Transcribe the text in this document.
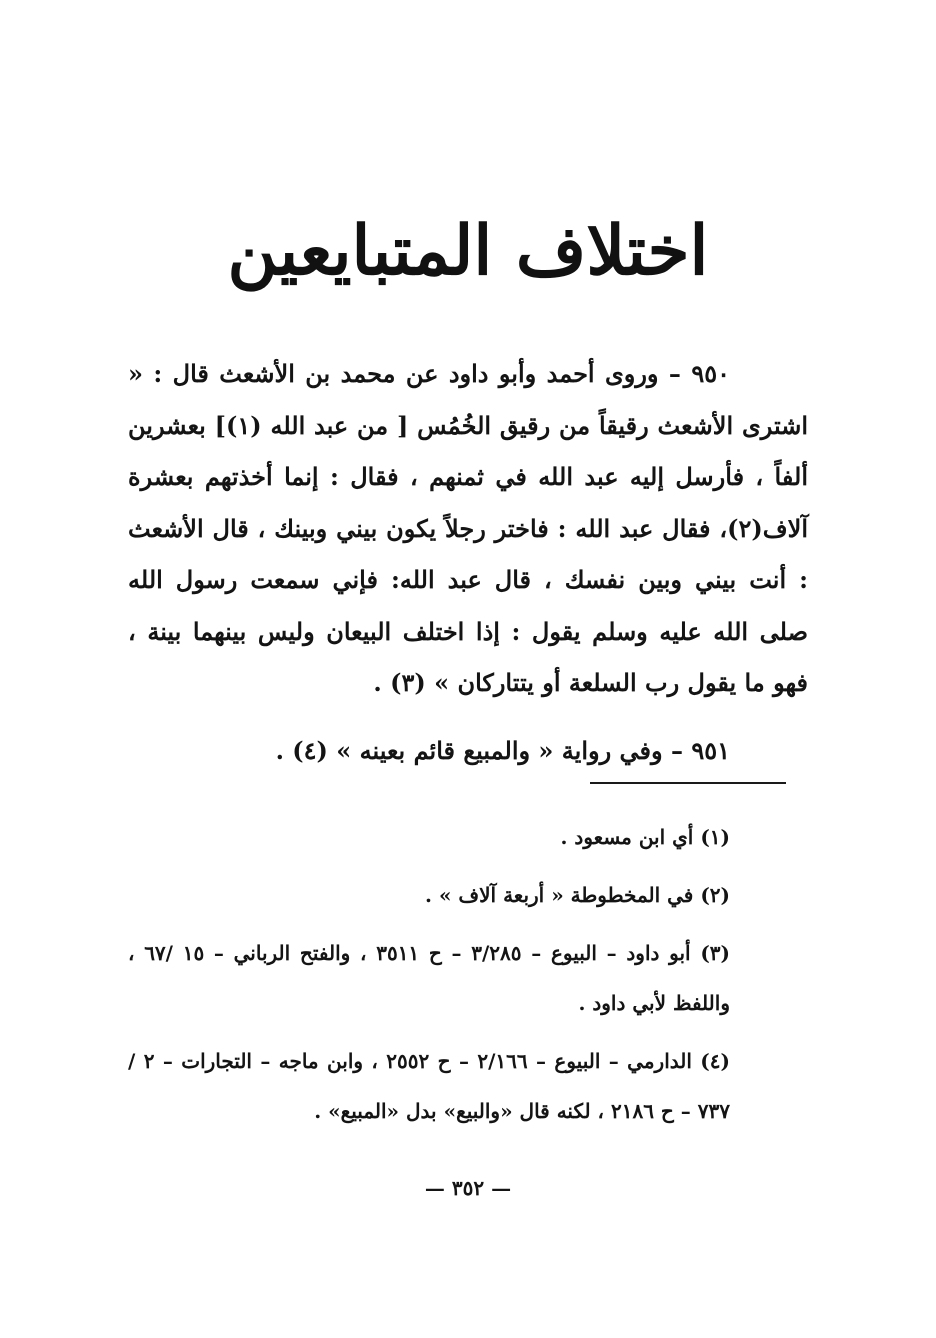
اختلاف المتبايعين

٩٥٠ – وروى أحمد وأبو داود عن محمد بن الأشعث قال : « اشترى الأشعث رقيقاً من رقيق الخُمُس [ من عبد الله (١)] بعشرين ألفاً ، فأرسل إليه عبد الله في ثمنهم ، فقال : إنما أخذتهم بعشرة آلاف(٢)، فقال عبد الله : فاختر رجلاً يكون بيني وبينك ، قال الأشعث : أنت بيني وبين نفسك ، قال عبد الله: فإني سمعت رسول الله صلى الله عليه وسلم يقول : إذا اختلف البيعان وليس بينهما بينة ، فهو ما يقول رب السلعة أو يتتاركان » (٣) .

٩٥١ – وفي رواية « والمبيع قائم بعينه » (٤) .

(١) أي ابن مسعود .

(٢) في المخطوطة « أربعة آلاف » .

(٣) أبو داود – البيوع – ٣/٢٨٥ – ح ٣٥١١ ، والفتح الرباني – ١٥ /٦٧ ، واللفظ لأبي داود .

(٤) الدارمي – البيوع – ٢/١٦٦ – ح ٢٥٥٢ ، وابن ماجه – التجارات – ٢ /٧٣٧ – ح ٢١٨٦ ، لكنه قال «والبيع» بدل «المبيع» .

— ٣٥٢ —
